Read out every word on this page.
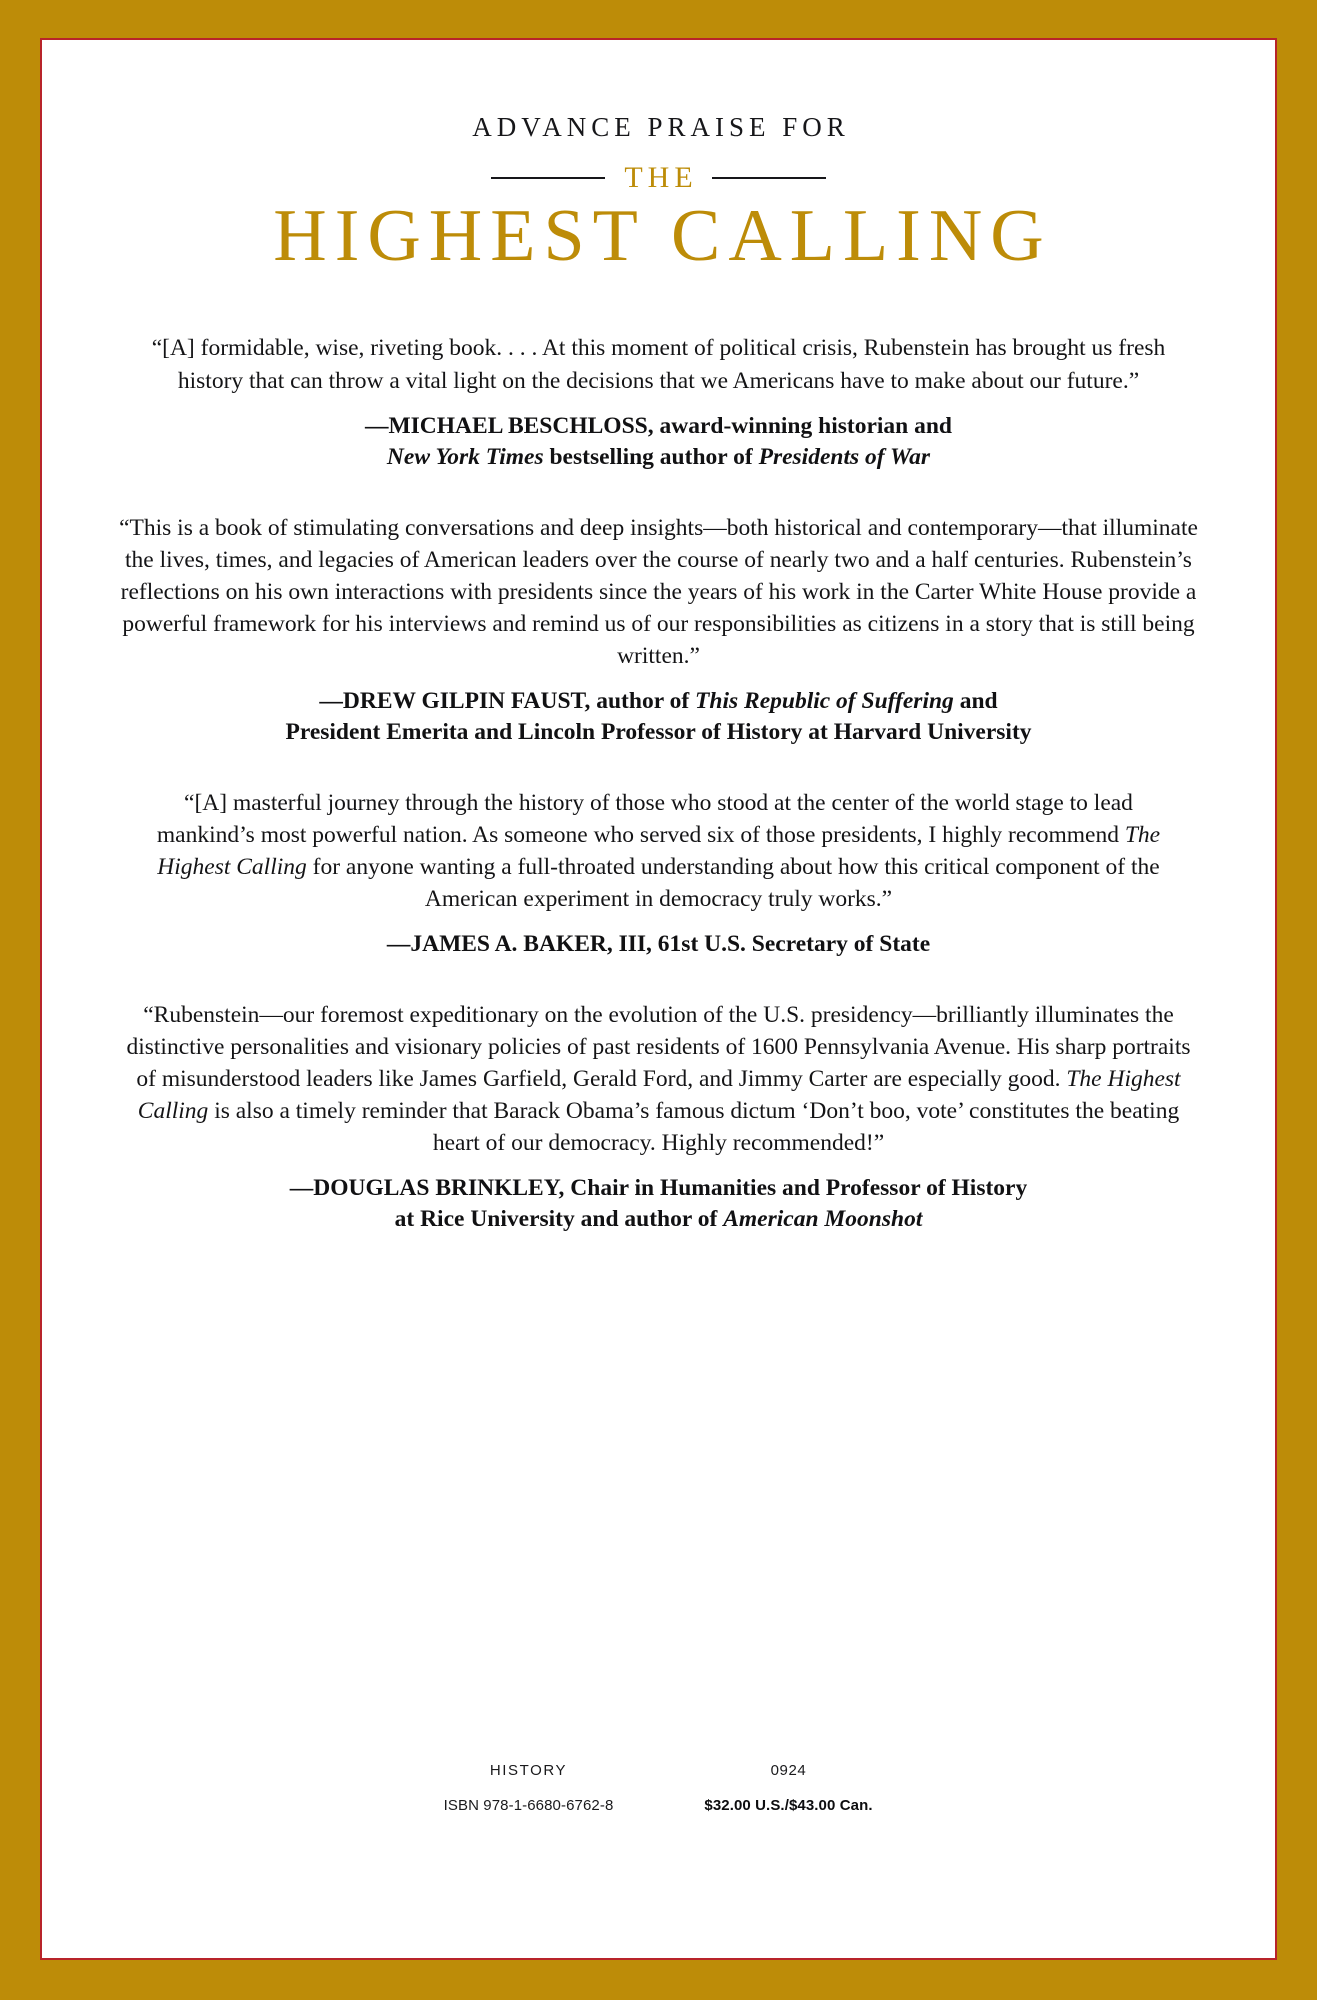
ADVANCE PRAISE FOR
THE
HIGHEST CALLING

“[A] formidable, wise, riveting book. . . . At this moment of political crisis, Rubenstein has brought us fresh history that can throw a vital light on the decisions that we Americans have to make about our future.”

—MICHAEL BESCHLOSS, award-winning historian and
New York Times bestselling author of Presidents of War

“This is a book of stimulating conversations and deep insights—both historical and contemporary—that illuminate the lives, times, and legacies of American leaders over the course of nearly two and a half centuries. Rubenstein’s reflections on his own interactions with presidents since the years of his work in the Carter White House provide a powerful framework for his interviews and remind us of our responsibilities as citizens in a story that is still being written.”

—DREW GILPIN FAUST, author of This Republic of Suffering and
President Emerita and Lincoln Professor of History at Harvard University

“[A] masterful journey through the history of those who stood at the center of the world stage to lead mankind’s most powerful nation. As someone who served six of those presidents, I highly recommend The Highest Calling for anyone wanting a full-throated understanding about how this critical component of the American experiment in democracy truly works.”

—JAMES A. BAKER, III, 61st U.S. Secretary of State

“Rubenstein—our foremost expeditionary on the evolution of the U.S. presidency—brilliantly illuminates the distinctive personalities and visionary policies of past residents of 1600 Pennsylvania Avenue. His sharp portraits of misunderstood leaders like James Garfield, Gerald Ford, and Jimmy Carter are especially good. The Highest Calling is also a timely reminder that Barack Obama’s famous dictum ‘Don’t boo, vote’ constitutes the beating heart of our democracy. Highly recommended!”

—DOUGLAS BRINKLEY, Chair in Humanities and Professor of History
at Rice University and author of American Moonshot

HISTORY	0924
ISBN 978-1-6680-6762-8	$32.00 U.S./$43.00 Can.
